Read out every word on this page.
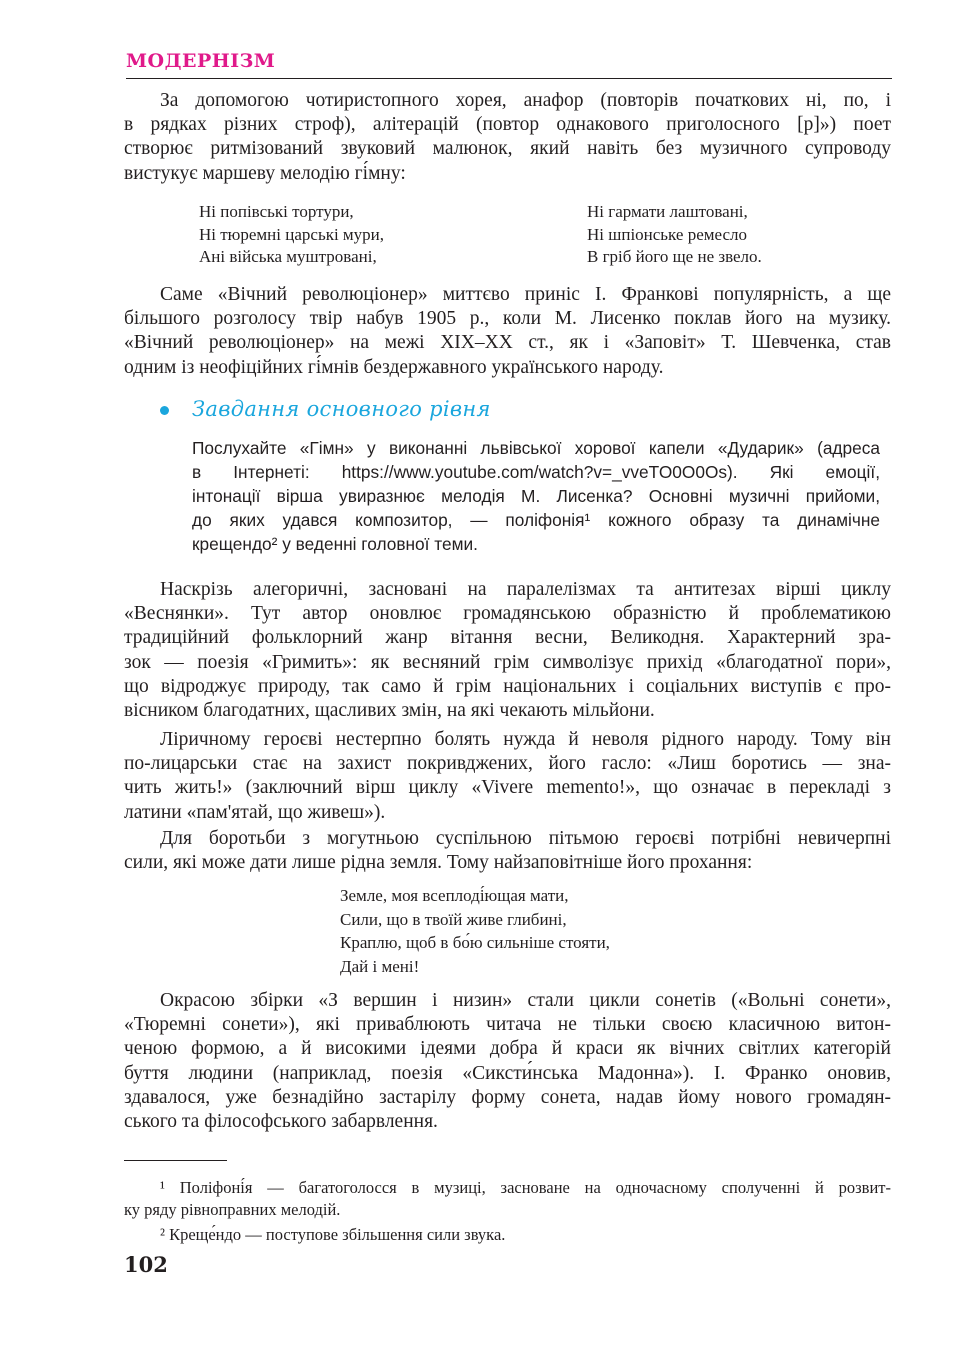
МОДЕРНІЗМ
За допомогою чотиристопного хорея, анафор (повторів початкових ні, по, і
в рядках різних строф), алітерацій (повтор однакового приголосного [р]») поет
створює ритмізований звуковий малюнок, який навіть без музичного супроводу
вистукує маршеву мелодію гі́мну:
Ні попівські тортури,
Ні тюремні царські мури,
Ані війська муштровані,
Ні гармати лаштовані,
Ні шпіонське ремесло
В гріб його ще не звело.
Саме «Вічний революціонер» миттєво приніс І. Франкові популярність, а ще
більшого розголосу твір набув 1905 р., коли М. Лисенко поклав його на музику.
«Вічний революціонер» на межі XIX–XX ст., як і «Заповіт» Т. Шевченка, став
одним із неофіційних гі́мнів бездержавного українського народу.
Завдання основного рівня
Послухайте «Гімн» у виконанні львівської хорової капели «Дударик» (адреса
в Інтернеті: https://www.youtube.com/watch?v=_vveTO0O0Os). Які емоції,
інтонації вірша увиразнює мелодія М. Лисенка? Основні музичні прийоми,
до яких удався композитор, — поліфонія¹ кожного образу та динамічне
крещендо² у веденні головної теми.
Наскрізь алегоричні, засновані на паралелізмах та антитезах вірші циклу
«Веснянки». Тут автор оновлює громадянською образністю й проблематикою
традиційний фольклорний жанр вітання весни, Великодня. Характерний зра-
зок — поезія «Гримить»: як весняний грім символізує прихід «благодатної пори»,
що відроджує природу, так само й грім національних і соціальних виступів є про-
вісником благодатних, щасливих змін, на які чекають мільйони.
Ліричному героєві нестерпно болять нужда й неволя рідного народу. Тому він
по-лицарськи стає на захист покривджених, його гасло: «Лиш боротись — зна-
чить жить!» (заключний вірш циклу «Vivere memento!», що означає в перекладі з
латини «пам'ятай, що живеш»).
Для боротьби з могутньою суспільною пітьмою героєві потрібні невичерпні
сили, які може дати лише рідна земля. Тому найзаповітніше його прохання:
Земле, моя всеплоді́ющая мати,
Сили, що в твоїй живе глибині,
Краплю, щоб в бо́ю сильніше стояти,
Дай і мені!
Окрасою збірки «З вершин і низин» стали цикли сонетів («Вольні сонети»,
«Тюремні сонети»), які приваблюють читача не тільки своєю класичною витон-
ченою формою, а й високими ідеями добра й краси як вічних світлих категорій
буття людини (наприклад, поезія «Сиксти́нська Мадонна»). І. Франко оновив,
здавалося, уже безнадійно застарілу форму сонета, надав йому нового громадян-
ського та філософського забарвлення.
¹ Поліфоні́я — багатоголосся в музиці, засноване на одночасному сполученні й розвит-
ку ряду рівноправних мелодій.
² Креще́ндо — поступове збільшення сили звука.
102
